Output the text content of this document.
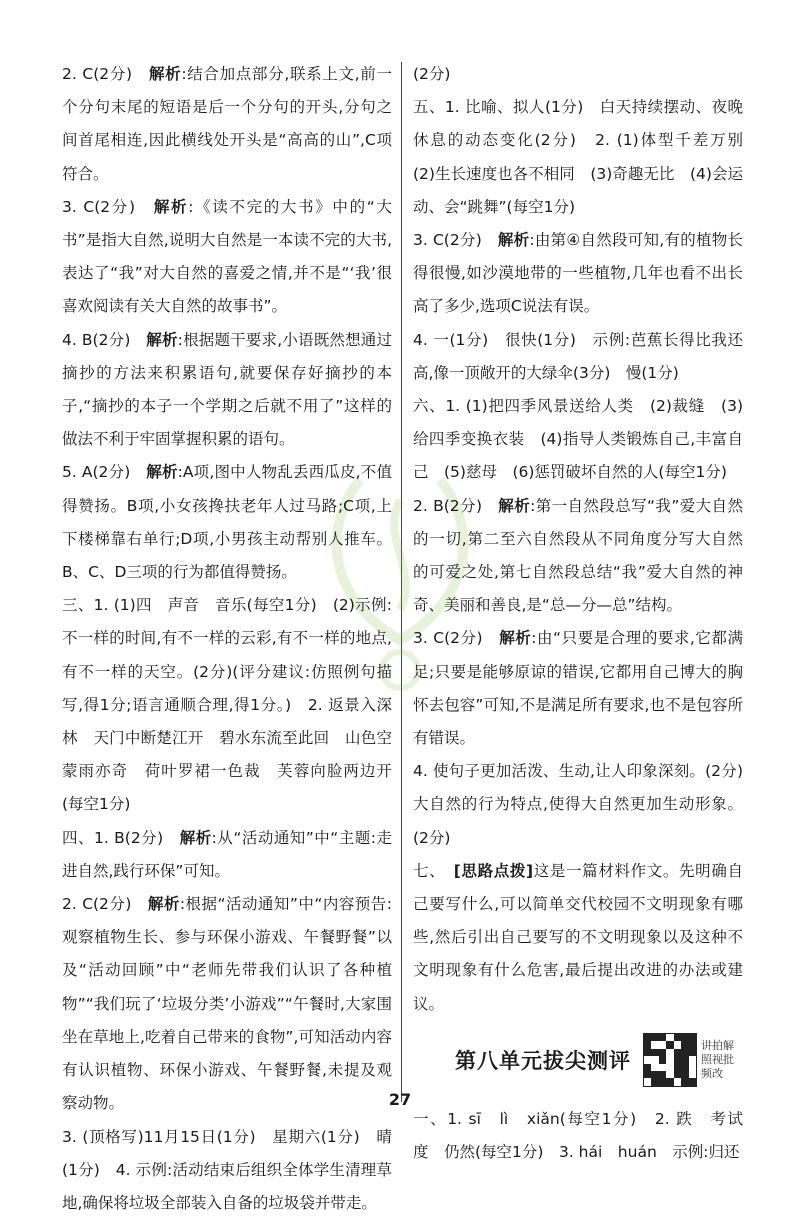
2. C(2分)　 解析:结合加点部分,联系上文,前一个分句末尾的短语是后一个分句的开头,分句之间首尾相连,因此横线处开头是“高高的山”,C项符合。

3. C(2分)　 解析:《读不完的大书》中的“大书”是指大自然,说明大自然是一本读不完的大书,表达了“我”对大自然的喜爱之情,并不是“‘我’很喜欢阅读有关大自然的故事书”。

4. B(2分)　 解析:根据题干要求,小语既然想通过摘抄的方法来积累语句,就要保存好摘抄的本子,“摘抄的本子一个学期之后就不用了”这样的做法不利于牢固掌握积累的语句。

5. A(2分)　 解析:A项,图中人物乱丢西瓜皮,不值得赞扬。B项,小女孩搀扶老年人过马路;C项,上下楼梯靠右单行;D项,小男孩主动帮别人推车。B、C、D三项的行为都值得赞扬。

三、1. (1)四　声音　音乐(每空1分)　(2)示例:不一样的时间,有不一样的云彩,有不一样的地点,有不一样的天空。(2分)(评分建议:仿照例句描写,得1分;语言通顺合理,得1分。)　2. 返景入深林　天门中断楚江开　碧水东流至此回　山色空蒙雨亦奇　荷叶罗裙一色裁　芙蓉向脸两边开(每空1分)

四、1. B(2分)　 解析:从“活动通知”中“主题:走进自然,践行环保”可知。

2. C(2分)　 解析:根据“活动通知”中“内容预告:观察植物生长、参与环保小游戏、午餐野餐”以及“活动回顾”中“老师先带我们认识了各种植物”“我们玩了‘垃圾分类’小游戏”“午餐时,大家围坐在草地上,吃着自己带来的食物”,可知活动内容有认识植物、环保小游戏、午餐野餐,未提及观察动物。

3. (顶格写)11月15日(1分)　星期六(1分)　晴(1分)　4. 示例:活动结束后组织全体学生清理草地,确保将垃圾全部装入自备的垃圾袋并带走。

(2分)

五、1. 比喻、拟人(1分)　白天持续摆动、夜晚休息的动态变化(2分)　2. (1)体型千差万别　(2)生长速度也各不相同　(3)奇趣无比　(4)会运动、会“跳舞”(每空1分)

3. C(2分)　 解析:由第④自然段可知,有的植物长得很慢,如沙漠地带的一些植物,几年也看不出长高了多少,选项C说法有误。

4. 一(1分)　很快(1分)　示例:芭蕉长得比我还高,像一顶敞开的大绿伞(3分)　慢(1分)

六、1. (1)把四季风景送给人类　(2)裁缝　(3)给四季变换衣装　(4)指导人类锻炼自己,丰富自己　(5)慈母　(6)惩罚破坏自然的人(每空1分)

2. B(2分)　 解析:第一自然段总写“我”爱大自然的一切,第二至六自然段从不同角度分写大自然的可爱之处,第七自然段总结“我”爱大自然的神奇、美丽和善良,是“总—分—总”结构。

3. C(2分)　 解析:由“只要是合理的要求,它都满足;只要是能够原谅的错误,它都用自己博大的胸怀去包容”可知,不是满足所有要求,也不是包容所有错误。

4. 使句子更加活泼、生动,让人印象深刻。(2分)　大自然的行为特点,使得大自然更加生动形象。(2分)

七、　 [思路点拨]这是一篇材料作文。先明确自己要写什么,可以简单交代校园不文明现象有哪些,然后引出自己要写的不文明现象以及这种不文明现象有什么危害,最后提出改进的办法或建议。

第八单元拔尖测评
讲拍解照视批频改

一、1. sī　lì　xiǎn(每空1分)　2. 跌　考试　度　仍然(每空1分)　3. hái　huán　示例:归还

27
